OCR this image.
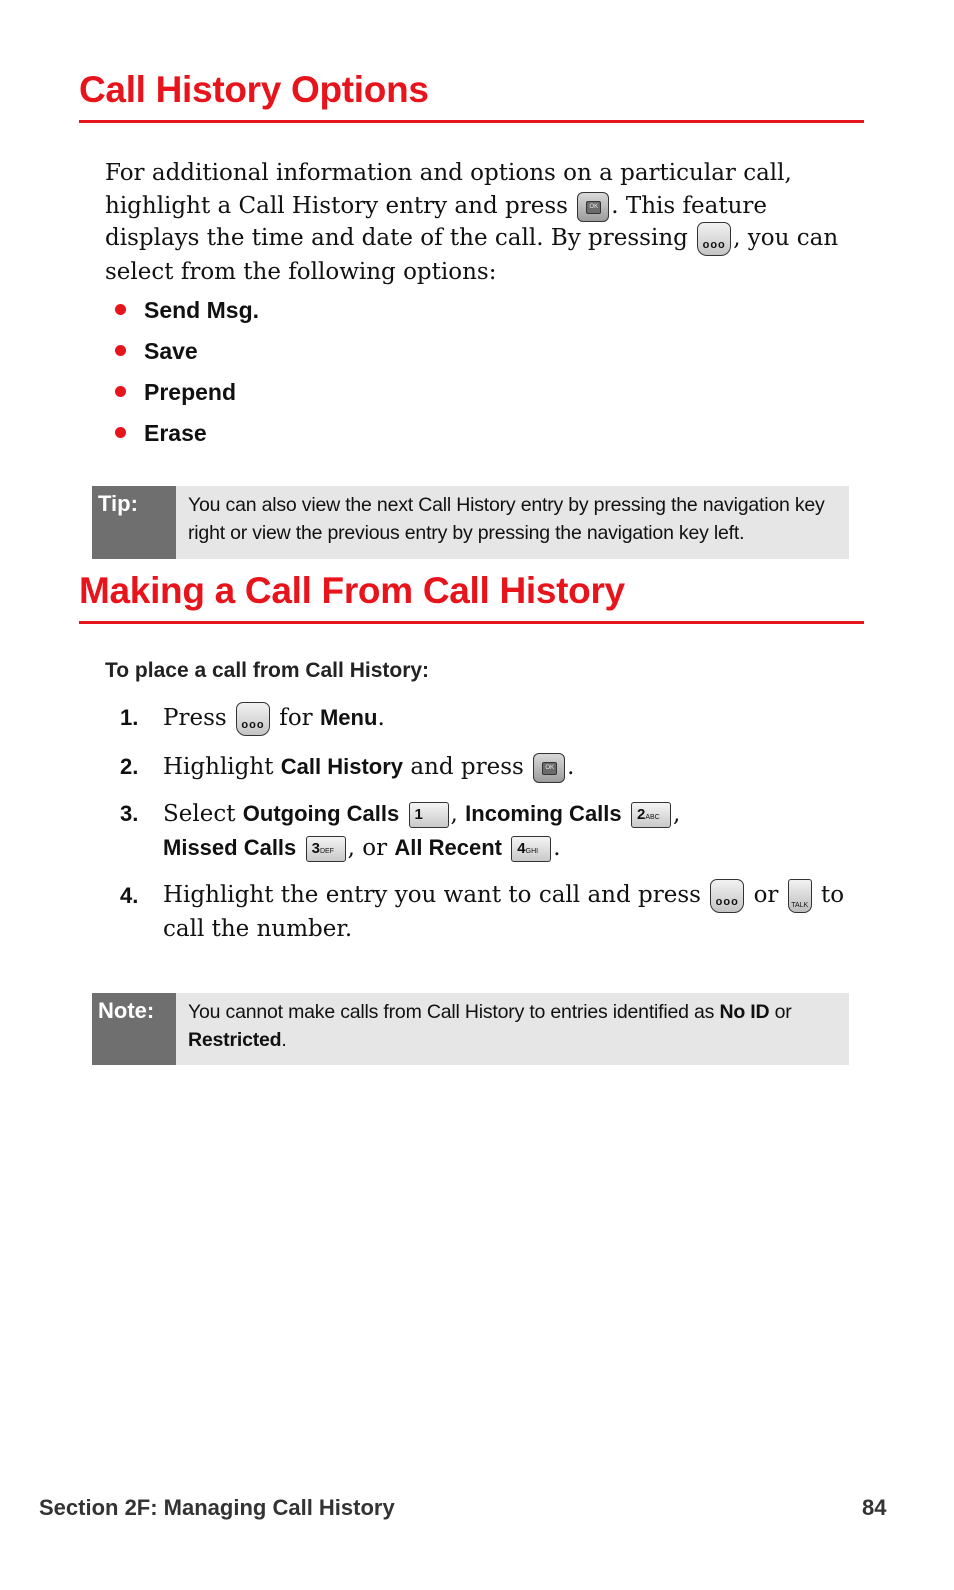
Call History Options

For additional information and options on a particular call, highlight a Call History entry and press	OK . This feature displays the time and date of the call. By pressing ooo , you can select from the following options:

Send Msg.
Save
Prepend
Erase
Tip:	You can also view the next Call History entry by pressing the navigation key right or view the previous entry by pressing the navigation key left.
Making a Call From Call History

To place a call from Call History:

1.	Press ooo for Menu.
2.	Highlight Call History and press	OK .
3.	Select Outgoing Calls 1 , Incoming Calls 2ABC ,
Missed Calls 3DEF , or All Recent 4GHI .
4.	Highlight the entry you want to call and press ooo or TALK to call the number.
Note:	You cannot make calls from Call History to entries identified as No ID or Restricted.
Section 2F: Managing Call History	84
